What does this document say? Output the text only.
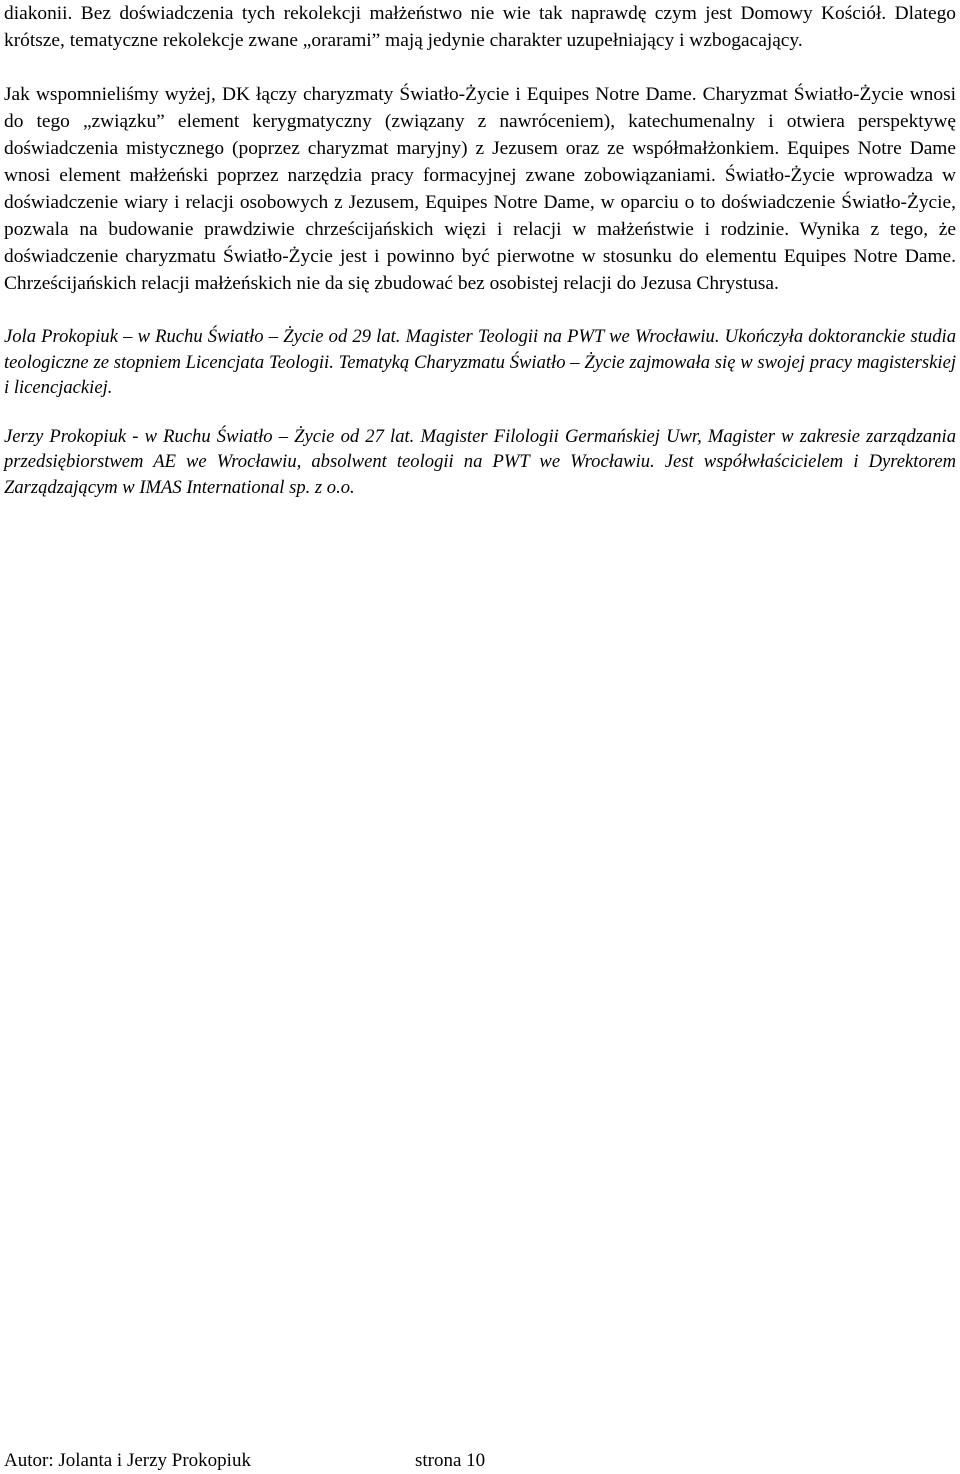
diakonii. Bez doświadczenia tych rekolekcji małżeństwo nie wie tak naprawdę czym jest Domowy Kościół. Dlatego krótsze, tematyczne rekolekcje zwane „orarami” mają jedynie charakter uzupełniający i wzbogacający.

Jak wspomnieliśmy wyżej, DK łączy charyzmaty Światło-Życie i Equipes Notre Dame. Charyzmat Światło-Życie wnosi do tego „związku” element kerygmatyczny (związany z nawróceniem), katechumenalny i otwiera perspektywę doświadczenia mistycznego (poprzez charyzmat maryjny) z Jezusem oraz ze współmałżonkiem. Equipes Notre Dame wnosi element małżeński poprzez narzędzia pracy formacyjnej zwane zobowiązaniami. Światło-Życie wprowadza w doświadczenie wiary i relacji osobowych z Jezusem, Equipes Notre Dame, w oparciu o to doświadczenie Światło-Życie, pozwala na budowanie prawdziwie chrześcijańskich więzi i relacji w małżeństwie i rodzinie. Wynika z tego, że doświadczenie charyzmatu Światło-Życie jest i powinno być pierwotne w stosunku do elementu Equipes Notre Dame. Chrześcijańskich relacji małżeńskich nie da się zbudować bez osobistej relacji do Jezusa Chrystusa.

Jola Prokopiuk – w Ruchu Światło – Życie od 29 lat. Magister Teologii na PWT we Wrocławiu. Ukończyła doktoranckie studia teologiczne ze stopniem Licencjata Teologii. Tematyką Charyzmatu Światło – Życie zajmowała się w swojej pracy magisterskiej i licencjackiej.

Jerzy Prokopiuk - w Ruchu Światło – Życie od 27 lat. Magister Filologii Germańskiej Uwr, Magister w zakresie zarządzania przedsiębiorstwem AE we Wrocławiu, absolwent teologii na PWT we Wrocławiu. Jest współwłaścicielem i Dyrektorem Zarządzającym w IMAS International sp. z o.o.

Autor: Jolanta i Jerzy Prokopiuk	strona 10
